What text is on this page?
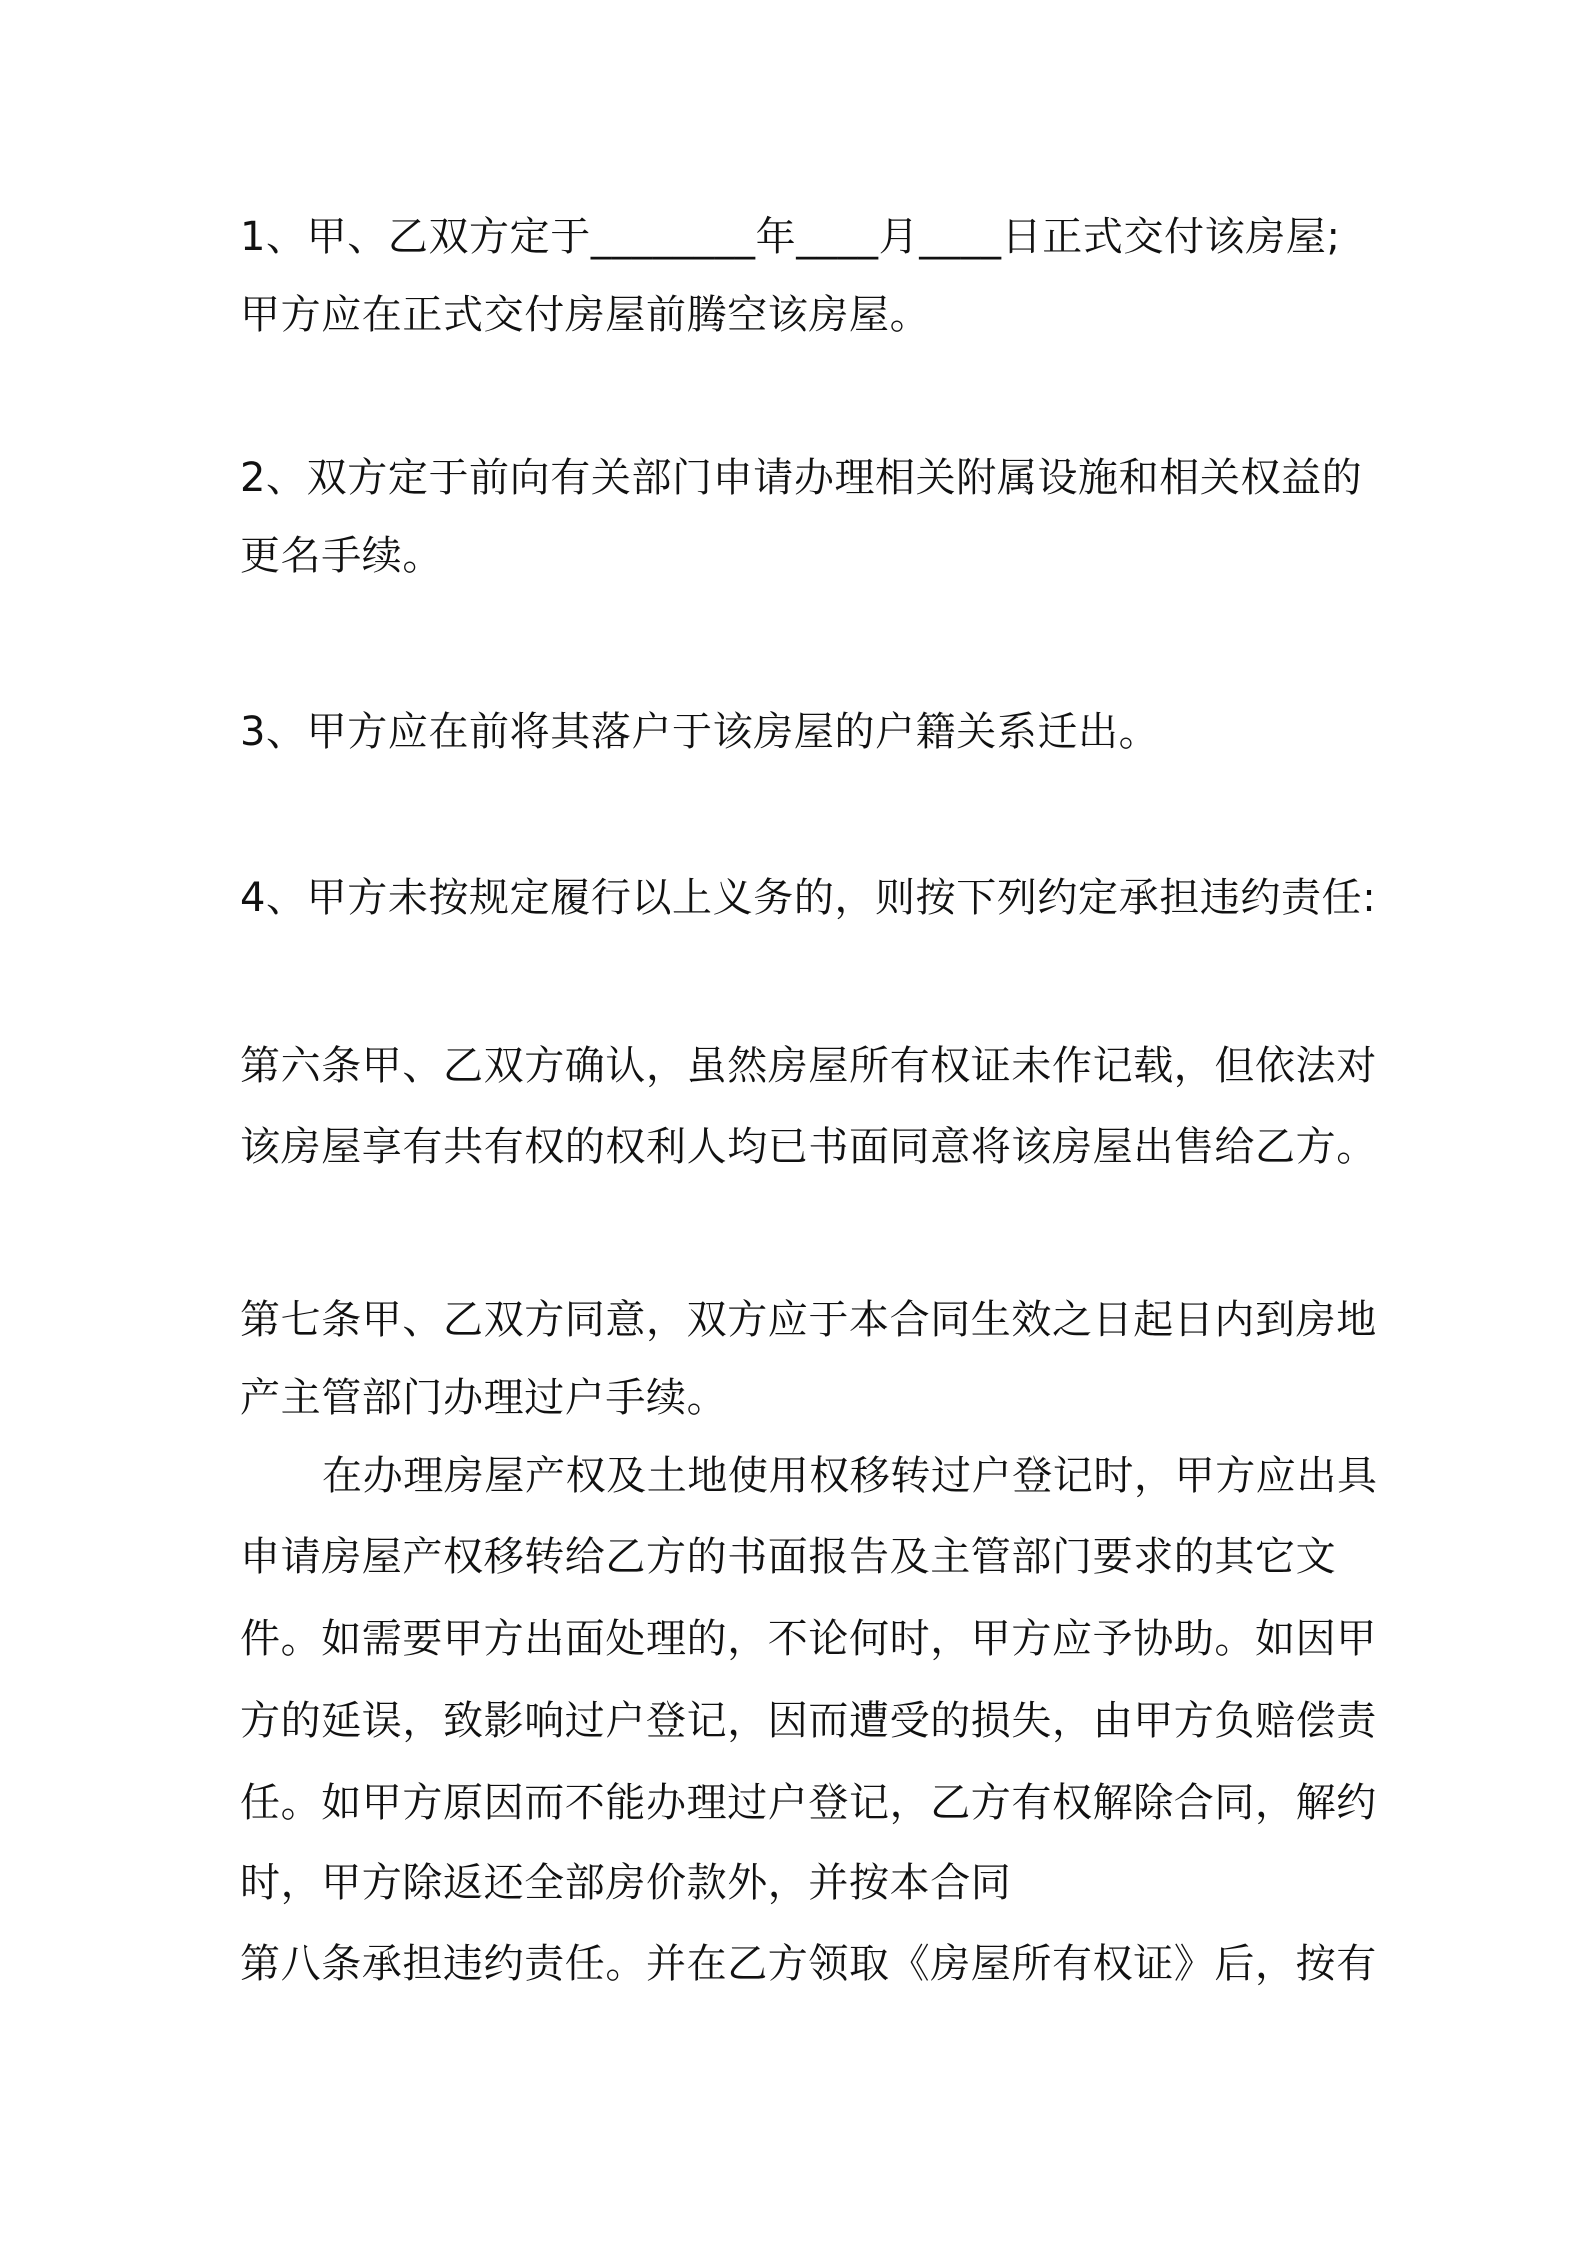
1、甲、乙双方定于________年____月____日正式交付该房屋;
甲方应在正式交付房屋前腾空该房屋。
2、双方定于前向有关部门申请办理相关附属设施和相关权益的
更名手续。
3、甲方应在前将其落户于该房屋的户籍关系迁出。
4、甲方未按规定履行以上义务的，则按下列约定承担违约责任:
第六条甲、乙双方确认，虽然房屋所有权证未作记载，但依法对
该房屋享有共有权的权利人均已书面同意将该房屋出售给乙方。
第七条甲、乙双方同意，双方应于本合同生效之日起日内到房地
产主管部门办理过户手续。
在办理房屋产权及土地使用权移转过户登记时，甲方应出具
申请房屋产权移转给乙方的书面报告及主管部门要求的其它文
件。如需要甲方出面处理的，不论何时，甲方应予协助。如因甲
方的延误，致影响过户登记，因而遭受的损失，由甲方负赔偿责
任。如甲方原因而不能办理过户登记，乙方有权解除合同，解约
时，甲方除返还全部房价款外，并按本合同
第八条承担违约责任。并在乙方领取《房屋所有权证》后，按有
